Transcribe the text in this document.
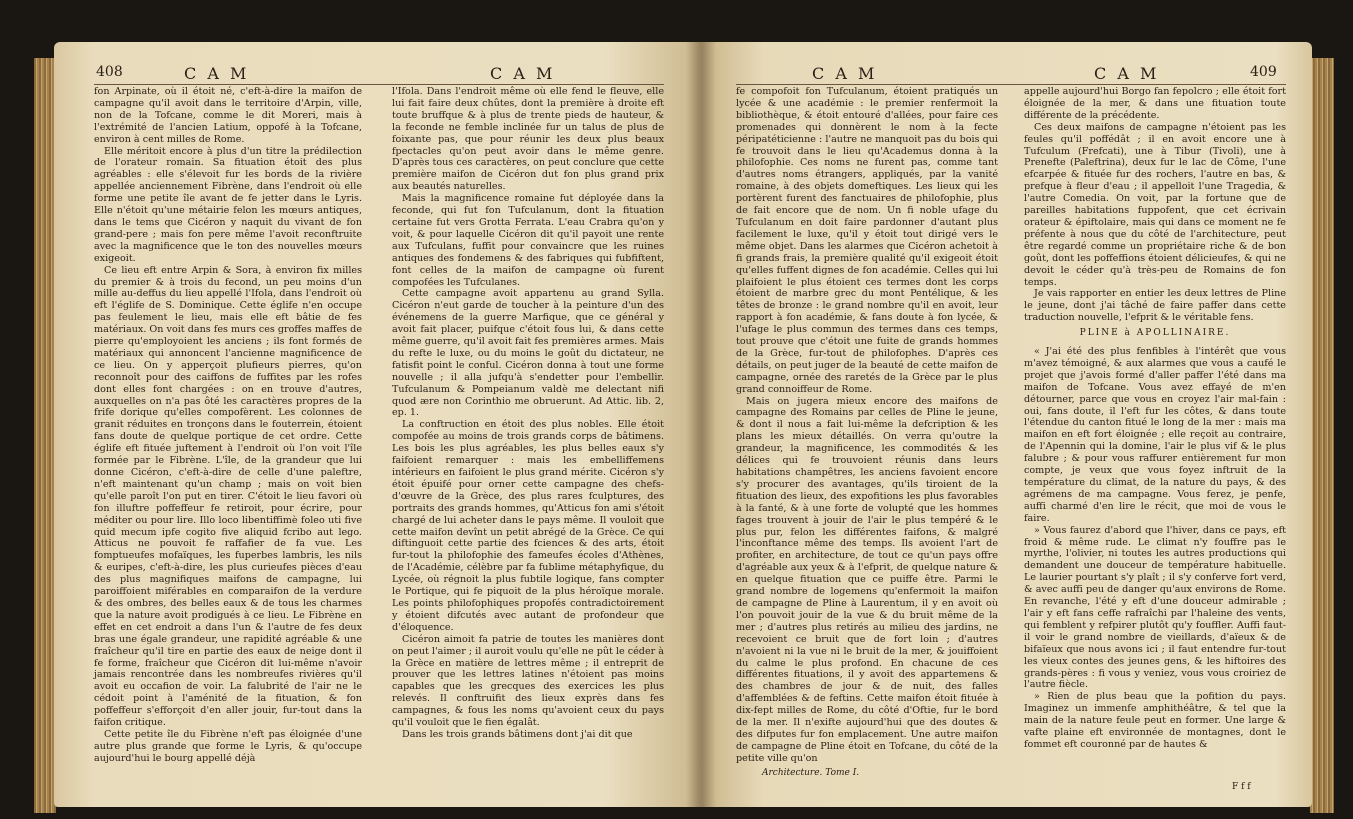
408	C A M	C A M

fon Arpinate, où il étoit né, c'eft-à-dire la maifon de campagne qu'il avoit dans le territoire d'Arpin, ville, non de la Tofcane, comme le dit Moreri, mais à l'extrémité de l'ancien Latium, oppofé à la Tofcane, environ à cent milles de Rome.

Elle méritoit encore à plus d'un titre la prédilection de l'orateur romain. Sa fituation étoit des plus agréables : elle s'élevoit fur les bords de la rivière appellée anciennement Fibrène, dans l'endroit où elle forme une petite île avant de fe jetter dans le Lyris. Elle n'étoit qu'une métairie felon les mœurs antiques, dans le tems que Cicéron y naquit du vivant de fon grand-pere ; mais fon pere même l'avoit reconftruite avec la magnificence que le ton des nouvelles mœurs exigeoit.

Ce lieu eft entre Arpin & Sora, à environ fix milles du premier & à trois du fecond, un peu moins d'un mille au-deffus du lieu appellé l'Ifola, dans l'endroit où eft l'églife de S. Dominique. Cette églife n'en occupe pas feulement le lieu, mais elle eft bâtie de fes matériaux. On voit dans fes murs ces groffes maffes de pierre qu'employoient les anciens ; ils font formés de matériaux qui annoncent l'ancienne magnificence de ce lieu. On y apperçoit plufieurs pierres, qu'on reconnoît pour des caiffons de fuffites par les rofes dont elles font chargées : on en trouve d'autres, auxquelles on n'a pas ôté les caractères propres de la frife dorique qu'elles compofèrent. Les colonnes de granit réduites en tronçons dans le fouterrein, étoient fans doute de quelque portique de cet ordre. Cette églife eft fituée juftement à l'endroit où l'on voit l'île formée par le Fibrène. L'île, de la grandeur que lui donne Cicéron, c'eft-à-dire de celle d'une paleftre, n'eft maintenant qu'un champ ; mais on voit bien qu'elle paroît l'on put en tirer. C'étoit le lieu favori où fon illuftre poffeffeur fe retiroit, pour écrire, pour méditer ou pour lire. Illo loco libentiffimè foleo uti five quid mecum ipfe cogito five aliquid fcribo aut lego. Atticus ne pouvoit fe raffafier de fa vue. Les fomptueufes mofaïques, les fuperbes lambris, les nils & euripes, c'eft-à-dire, les plus curieufes pièces d'eau des plus magnifiques maifons de campagne, lui paroiffoient miférables en comparaifon de la verdure & des ombres, des belles eaux & de tous les charmes que la nature avoit prodigués à ce lieu. Le Fibrène en effet en cet endroit a dans l'un & l'autre de fes deux bras une égale grandeur, une rapidité agréable & une fraîcheur qu'il tire en partie des eaux de neige dont il fe forme, fraîcheur que Cicéron dit lui-même n'avoir jamais rencontrée dans les nombreufes rivières qu'il avoit eu occafion de voir. La falubrité de l'air ne le cédoit point à l'aménité de la fituation, & fon poffeffeur s'efforçoit d'en aller jouir, fur-tout dans la faifon critique.

Cette petite île du Fibrène n'eft pas éloignée d'une autre plus grande que forme le Lyris, & qu'occupe aujourd'hui le bourg appellé déjà

l'Ifola. Dans l'endroit même où elle fend le fleuve, elle lui fait faire deux chûtes, dont la première à droite eft toute bruffque & à plus de trente pieds de hauteur, & la feconde ne femble inclinée fur un talus de plus de foixante pas, que pour réunir les deux plus beaux fpectacles qu'on peut avoir dans le même genre. D'après tous ces caractères, on peut conclure que cette première maifon de Cicéron dut fon plus grand prix aux beautés naturelles.

Mais la magnificence romaine fut déployée dans la feconde, qui fut fon Tufculanum, dont la fituation certaine fut vers Grotta Ferrata. L'eau Crabra qu'on y voit, & pour laquelle Cicéron dit qu'il payoit une rente aux Tufculans, fuffit pour convaincre que les ruines antiques des fondemens & des fabriques qui fubfiftent, font celles de la maifon de campagne où furent compofées les Tufculanes.

Cette campagne avoit appartenu au grand Sylla. Cicéron n'eut garde de toucher à la peinture d'un des événemens de la guerre Marfique, que ce général y avoit fait placer, puifque c'étoit fous lui, & dans cette même guerre, qu'il avoit fait fes premières armes. Mais du refte le luxe, ou du moins le goût du dictateur, ne fatisfit point le conful. Cicéron donna à tout une forme nouvelle ; il alla jufqu'à s'endetter pour l'embellir. Tufculanum & Pompeianum valdè me delectant nifi quod ære non Corinthio me obruerunt. Ad Attic. lib. 2, ep. 1.

La conftruction en étoit des plus nobles. Elle étoit compofée au moins de trois grands corps de bâtimens. Les bois les plus agréables, les plus belles eaux s'y faifoient remarquer : mais les embelliffemens intérieurs en faifoient le plus grand mérite. Cicéron s'y étoit épuifé pour orner cette campagne des chefs-d'œuvre de la Grèce, des plus rares fculptures, des portraits des grands hommes, qu'Atticus fon ami s'étoit chargé de lui acheter dans le pays même. Il vouloit que cette maifon devînt un petit abrégé de la Grèce. Ce qui diftinguoit cette partie des fciences & des arts, étoit fur-tout la philofophie des fameufes écoles d'Athènes, de l'Académie, célèbre par fa fublime métaphyfique, du Lycée, où régnoit la plus fubtile logique, fans compter le Portique, qui fe piquoit de la plus héroïque morale. Les points philofophiques propofés contradictoirement y étoient difcutés avec autant de profondeur que d'éloquence.

Cicéron aimoit fa patrie de toutes les manières dont on peut l'aimer ; il auroit voulu qu'elle ne pût le céder à la Grèce en matière de lettres même ; il entreprit de prouver que les lettres latines n'étoient pas moins capables que les grecques des exercices les plus relevés. Il conftruifit des lieux exprès dans fes campagnes, & fous les noms qu'avoient ceux du pays qu'il vouloit que le fien égalât.

Dans les trois grands bâtimens dont j'ai dit que

C A M	C A M	409

fe compofoit fon Tufculanum, étoient pratiqués un lycée & une académie : le premier renfermoit la bibliothèque, & étoit entouré d'allées, pour faire ces promenades qui donnèrent le nom à la fecte péripatéticienne : l'autre ne manquoit pas du bois qui fe trouvoit dans le lieu qu'Academus donna à la philofophie. Ces noms ne furent pas, comme tant d'autres noms étrangers, appliqués, par la vanité romaine, à des objets domeftiques. Les lieux qui les portèrent furent des fanctuaires de philofophie, plus de fait encore que de nom. Un fi noble ufage du Tufculanum en doit faire pardonner d'autant plus facilement le luxe, qu'il y étoit tout dirigé vers le même objet. Dans les alarmes que Cicéron achetoit à fi grands frais, la première qualité qu'il exigeoit étoit qu'elles fuffent dignes de fon académie. Celles qui lui plaifoient le plus étoient ces termes dont les corps étoient de marbre grec du mont Pentélique, & les têtes de bronze : le grand nombre qu'il en avoit, leur rapport à fon académie, & fans doute à fon lycée, & l'ufage le plus commun des termes dans ces temps, tout prouve que c'étoit une fuite de grands hommes de la Grèce, fur-tout de philofophes. D'après ces détails, on peut juger de la beauté de cette maifon de campagne, ornée des raretés de la Grèce par le plus grand connoiffeur de Rome.

Mais on jugera mieux encore des maifons de campagne des Romains par celles de Pline le jeune, & dont il nous a fait lui-même la defcription & les plans les mieux détaillés. On verra qu'outre la grandeur, la magnificence, les commodités & les délices qui fe trouvoient réunis dans leurs habitations champêtres, les anciens favoient encore s'y procurer des avantages, qu'ils tiroient de la fituation des lieux, des expofitions les plus favorables à la fanté, & à une forte de volupté que les hommes fages trouvent à jouir de l'air le plus tempéré & le plus pur, felon les différentes faifons, & malgré l'inconftance même des temps. Ils avoient l'art de profiter, en architecture, de tout ce qu'un pays offre d'agréable aux yeux & à l'efprit, de quelque nature & en quelque fituation que ce puiffe être. Parmi le grand nombre de logemens qu'enfermoit la maifon de campagne de Pline à Laurentum, il y en avoit où l'on pouvoit jouir de la vue & du bruit même de la mer ; d'autres plus retirés au milieu des jardins, ne recevoient ce bruit que de fort loin ; d'autres n'avoient ni la vue ni le bruit de la mer, & jouiffoient du calme le plus profond. En chacune de ces différentes fituations, il y avoit des appartemens & des chambres de jour & de nuit, des falles d'affemblées & de feftins. Cette maifon étoit fituée à dix-fept milles de Rome, du côté d'Oftie, fur le bord de la mer. Il n'exifte aujourd'hui que des doutes & des difputes fur fon emplacement. Une autre maifon de campagne de Pline étoit en Tofcane, du côté de la petite ville qu'on

Architecture. Tome I.

appelle aujourd'hui Borgo fan fepolcro ; elle étoit fort éloignée de la mer, & dans une fituation toute différente de la précédente.

Ces deux maifons de campagne n'étoient pas les feules qu'il poffédât ; il en avoit encore une à Tufculum (Frefcati), une à Tibur (Tivoli), une à Prenefte (Paleftrina), deux fur le lac de Côme, l'une efcarpée & fituée fur des rochers, l'autre en bas, & prefque à fleur d'eau ; il appelloit l'une Tragedia, & l'autre Comedia. On voit, par la fortune que de pareilles habitations fuppofent, que cet écrivain orateur & épiftolaire, mais qui dans ce moment ne fe préfente à nous que du côté de l'architecture, peut être regardé comme un propriétaire riche & de bon goût, dont les poffeffions étoient délicieufes, & qui ne devoit le céder qu'à très-peu de Romains de fon temps.

Je vais rapporter en entier les deux lettres de Pline le jeune, dont j'ai tâché de faire paffer dans cette traduction nouvelle, l'efprit & le véritable fens.

PLINE à APOLLINAIRE.

« J'ai été des plus fenfibles à l'intérêt que vous m'avez témoigné, & aux alarmes que vous a caufé le projet que j'avois formé d'aller paffer l'été dans ma maifon de Tofcane. Vous avez effayé de m'en détourner, parce que vous en croyez l'air mal-fain : oui, fans doute, il l'eft fur les côtes, & dans toute l'étendue du canton fitué le long de la mer : mais ma maifon en eft fort éloignée ; elle reçoit au contraire, de l'Apennin qui la domine, l'air le plus vif & le plus falubre ; & pour vous raffurer entièrement fur mon compte, je veux que vous foyez inftruit de la température du climat, de la nature du pays, & des agrémens de ma campagne. Vous ferez, je penfe, auffi charmé d'en lire le récit, que moi de vous le faire.

» Vous faurez d'abord que l'hiver, dans ce pays, eft froid & même rude. Le climat n'y fouffre pas le myrthe, l'olivier, ni toutes les autres productions qui demandent une douceur de température habituelle. Le laurier pourtant s'y plaît ; il s'y conferve fort verd, & avec auffi peu de danger qu'aux environs de Rome. En revanche, l'été y eft d'une douceur admirable ; l'air y eft fans ceffe rafraîchi par l'haleine des vents, qui femblent y refpirer plutôt qu'y fouffler. Auffi faut-il voir le grand nombre de vieillards, d'aïeux & de bifaïeux que nous avons ici ; il faut entendre fur-tout les vieux contes des jeunes gens, & les hiftoires des grands-pères : fi vous y veniez, vous vous croiriez de l'autre fiècle.

» Rien de plus beau que la pofition du pays. Imaginez un immenfe amphithéâtre, & tel que la main de la nature feule peut en former. Une large & vafte plaine eft environnée de montagnes, dont le fommet eft couronné par de hautes &

F f f
